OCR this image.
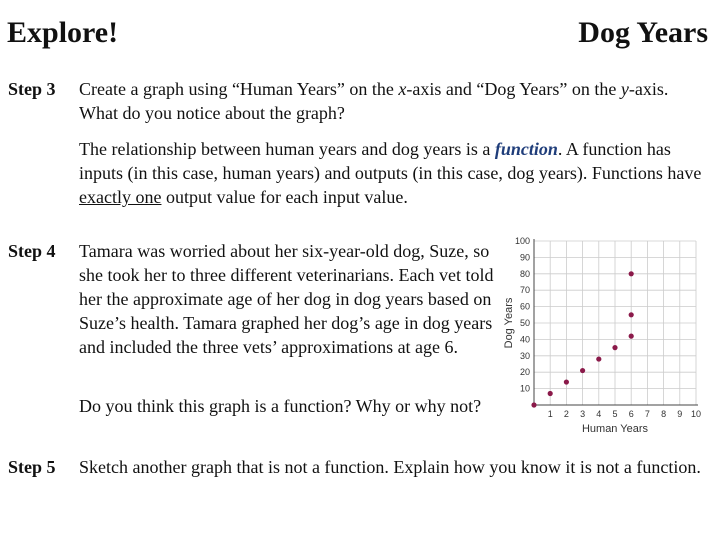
Explore!	Dog Years
Step 3 Create a graph using “Human Years” on the x-axis and “Dog Years” on the y-axis. What do you notice about the graph?
The relationship between human years and dog years is a function. A function has inputs (in this case, human years) and outputs (in this case, dog years). Functions have exactly one output value for each input value.
Step 4 Tamara was worried about her six-year-old dog, Suze, so she took her to three different veterinarians. Each vet told her the approximate age of her dog in dog years based on Suze’s health. Tamara graphed her dog’s age in dog years and included the three vets’ approximations at age 6.
Do you think this graph is a function? Why or why not?	1 2 3 4 5 6 7 8 9 10
10
20
30
40
50
60
70
80
90
100
Human Years
Dog Years
Step 5 Sketch another graph that is not a function. Explain how you know it is not a function.
